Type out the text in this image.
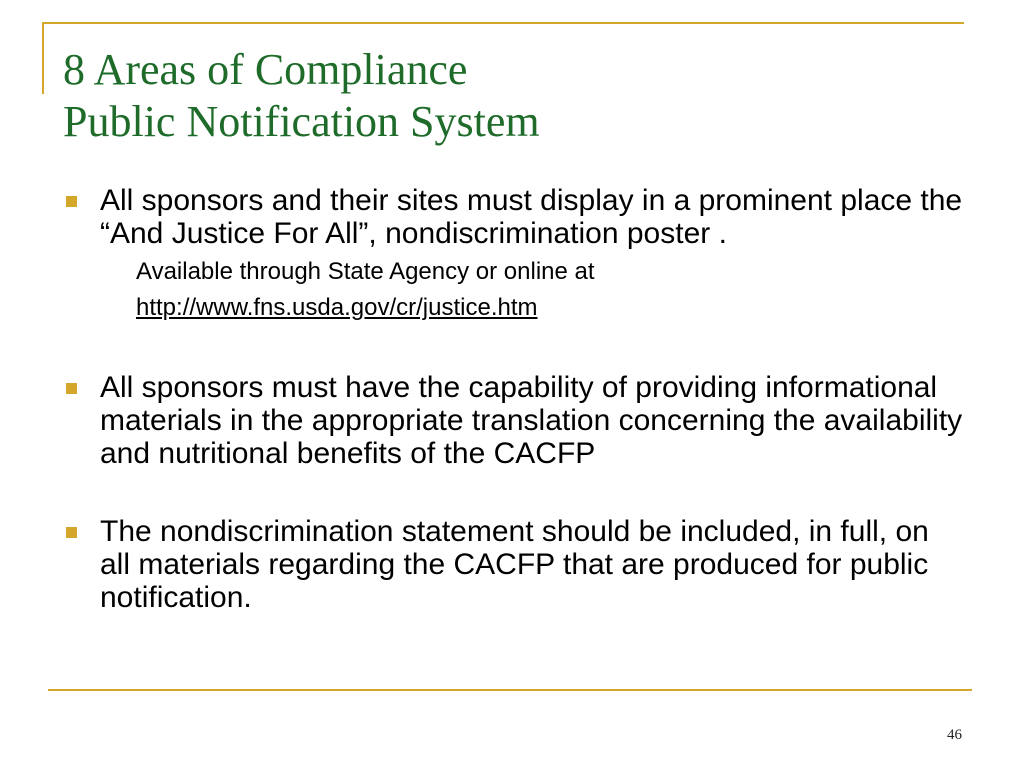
8 Areas of Compliance
Public Notification System
All sponsors and their sites must display in a prominent place the “And Justice For All”, nondiscrimination poster .
Available through State Agency or online at
http://www.fns.usda.gov/cr/justice.htm
All sponsors must have the capability of providing informational materials in the appropriate translation concerning the availability and nutritional benefits of the CACFP
The nondiscrimination statement should be included, in full, on all materials regarding the CACFP that are produced for public notification.
46
